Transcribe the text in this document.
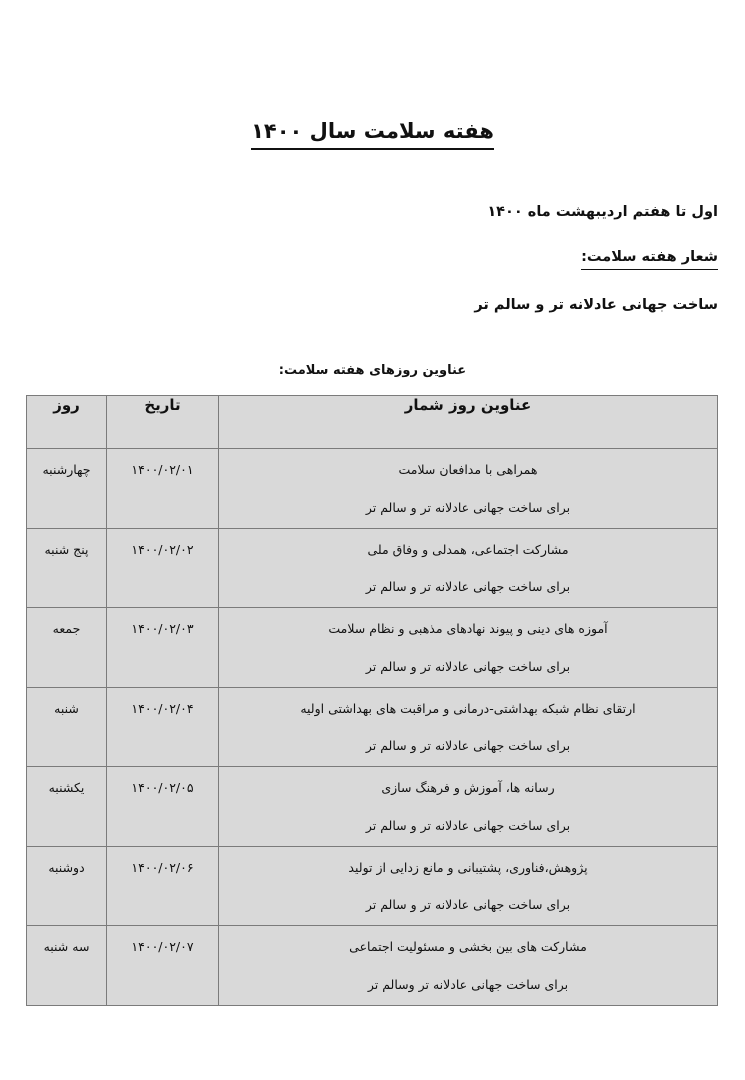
هفته سلامت سال ۱۴۰۰
اول تا هفتم اردیبهشت ماه ۱۴۰۰
شعار هفته سلامت:
ساخت جهانی عادلانه تر و سالم تر
عناوین روزهای هفته سلامت:
عناوین روز شمار	تاریخ	روز

همراهی با مدافعان سلامت
برای ساخت جهانی عادلانه تر و سالم تر	۱۴۰۰/۰۲/۰۱	چهارشنبه

مشارکت اجتماعی، همدلی و وفاق ملی
برای ساخت جهانی عادلانه تر و سالم تر	۱۴۰۰/۰۲/۰۲	پنج شنبه

آموزه های دینی و پیوند نهادهای مذهبی و نظام سلامت
برای ساخت جهانی عادلانه تر و سالم تر	۱۴۰۰/۰۲/۰۳	جمعه

ارتقای نظام شبکه بهداشتی-درمانی و مراقبت های بهداشتی اولیه
برای ساخت جهانی عادلانه تر و سالم تر	۱۴۰۰/۰۲/۰۴	شنبه

رسانه ها، آموزش و فرهنگ سازی
برای ساخت جهانی عادلانه تر و سالم تر	۱۴۰۰/۰۲/۰۵	یکشنبه

پژوهش،فناوری، پشتیبانی و مانع زدایی از تولید
برای ساخت جهانی عادلانه تر و سالم تر	۱۴۰۰/۰۲/۰۶	دوشنبه

مشارکت های بین بخشی و مسئولیت اجتماعی
برای ساخت جهانی عادلانه تر وسالم تر	۱۴۰۰/۰۲/۰۷	سه شنبه
